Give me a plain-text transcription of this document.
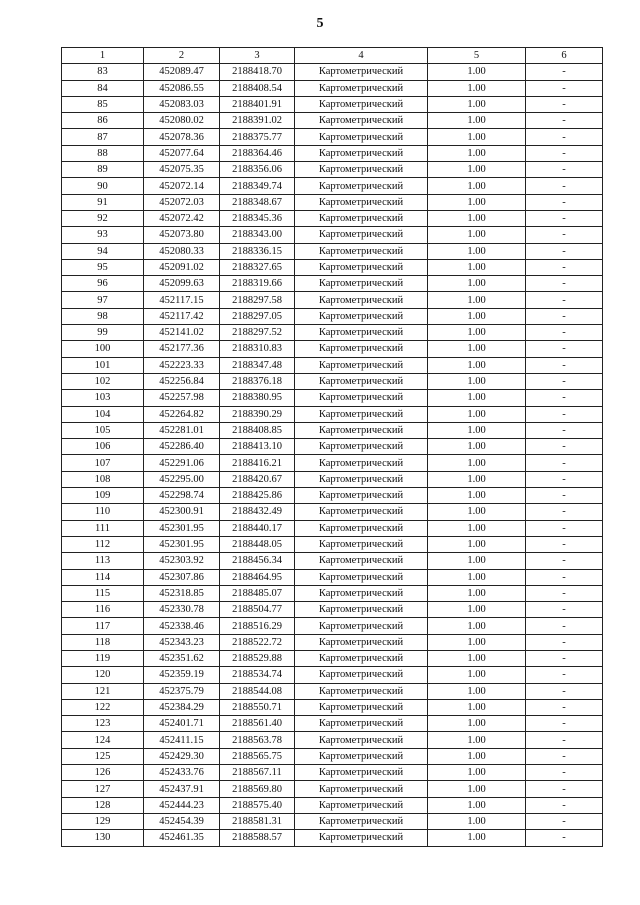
5
1	2	3	4	5	6
83	452089.47	2188418.70	Картометрический	1.00	-
84	452086.55	2188408.54	Картометрический	1.00	-
85	452083.03	2188401.91	Картометрический	1.00	-
86	452080.02	2188391.02	Картометрический	1.00	-
87	452078.36	2188375.77	Картометрический	1.00	-
88	452077.64	2188364.46	Картометрический	1.00	-
89	452075.35	2188356.06	Картометрический	1.00	-
90	452072.14	2188349.74	Картометрический	1.00	-
91	452072.03	2188348.67	Картометрический	1.00	-
92	452072.42	2188345.36	Картометрический	1.00	-
93	452073.80	2188343.00	Картометрический	1.00	-
94	452080.33	2188336.15	Картометрический	1.00	-
95	452091.02	2188327.65	Картометрический	1.00	-
96	452099.63	2188319.66	Картометрический	1.00	-
97	452117.15	2188297.58	Картометрический	1.00	-
98	452117.42	2188297.05	Картометрический	1.00	-
99	452141.02	2188297.52	Картометрический	1.00	-
100	452177.36	2188310.83	Картометрический	1.00	-
101	452223.33	2188347.48	Картометрический	1.00	-
102	452256.84	2188376.18	Картометрический	1.00	-
103	452257.98	2188380.95	Картометрический	1.00	-
104	452264.82	2188390.29	Картометрический	1.00	-
105	452281.01	2188408.85	Картометрический	1.00	-
106	452286.40	2188413.10	Картометрический	1.00	-
107	452291.06	2188416.21	Картометрический	1.00	-
108	452295.00	2188420.67	Картометрический	1.00	-
109	452298.74	2188425.86	Картометрический	1.00	-
110	452300.91	2188432.49	Картометрический	1.00	-
111	452301.95	2188440.17	Картометрический	1.00	-
112	452301.95	2188448.05	Картометрический	1.00	-
113	452303.92	2188456.34	Картометрический	1.00	-
114	452307.86	2188464.95	Картометрический	1.00	-
115	452318.85	2188485.07	Картометрический	1.00	-
116	452330.78	2188504.77	Картометрический	1.00	-
117	452338.46	2188516.29	Картометрический	1.00	-
118	452343.23	2188522.72	Картометрический	1.00	-
119	452351.62	2188529.88	Картометрический	1.00	-
120	452359.19	2188534.74	Картометрический	1.00	-
121	452375.79	2188544.08	Картометрический	1.00	-
122	452384.29	2188550.71	Картометрический	1.00	-
123	452401.71	2188561.40	Картометрический	1.00	-
124	452411.15	2188563.78	Картометрический	1.00	-
125	452429.30	2188565.75	Картометрический	1.00	-
126	452433.76	2188567.11	Картометрический	1.00	-
127	452437.91	2188569.80	Картометрический	1.00	-
128	452444.23	2188575.40	Картометрический	1.00	-
129	452454.39	2188581.31	Картометрический	1.00	-
130	452461.35	2188588.57	Картометрический	1.00	-
